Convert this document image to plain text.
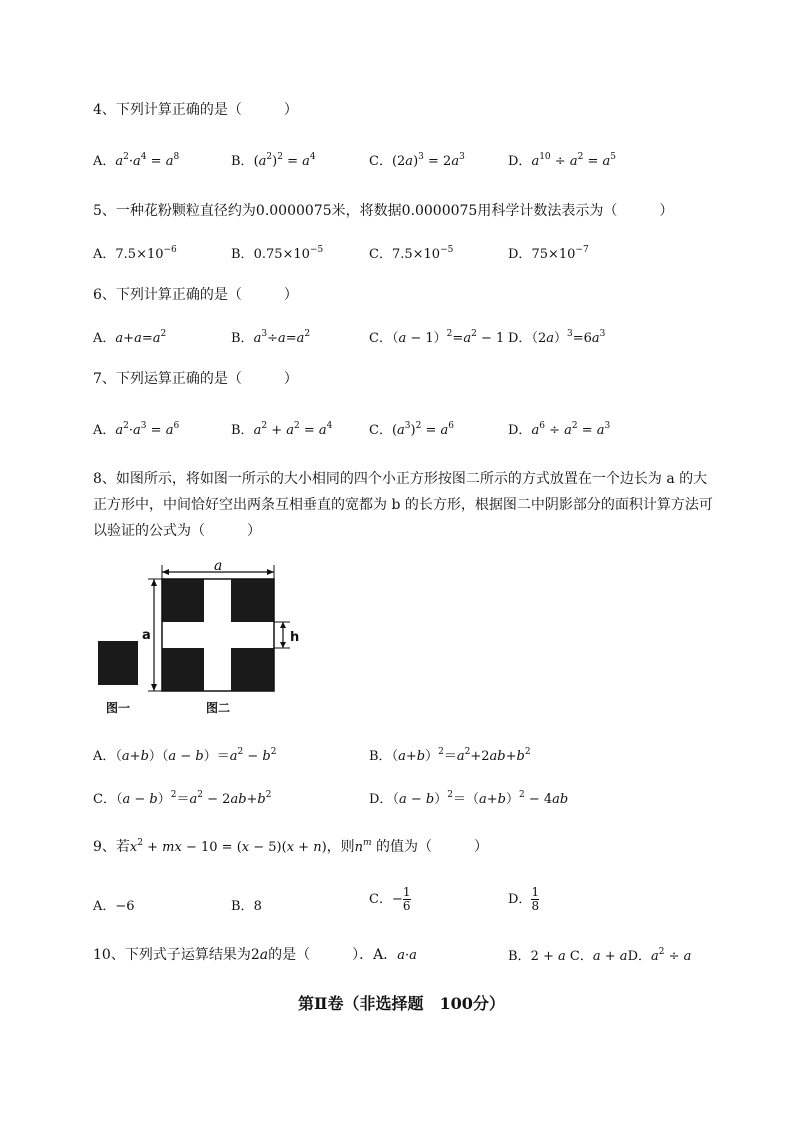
4、下列计算正确的是（　　　）
A．$a^2\cdot a^4 = a^8$	B．$(a^2)^2 = a^4$	C．$(2a)^3 = 2a^3$	D．$a^{10} \div a^2 = a^5$
5、一种花粉颗粒直径约为0.0000075米，将数据0.0000075用科学计数法表示为（　　　）
A．$7.5\times 10^{-6}$	B．$0.75\times 10^{-5}$	C．$7.5\times 10^{-5}$	D．$75\times 10^{-7}$
6、下列计算正确的是（　　　）
A．$a+a=a^2$	B．$a^3\div a=a^2$	C．$(a - 1)^2=a^2 - 1$ D．$(2a)^3=6a^3$
7、下列运算正确的是（　　　）
A．$a^2\cdot a^3 = a^6$	B．$a^2 + a^2 = a^4$	C．$(a^3)^2 = a^6$	D．$a^6 \div a^2 = a^3$
8、如图所示，将如图一所示的大小相同的四个小正方形按图二所示的方式放置在一个边长为 a 的大
正方形中，中间恰好空出两条互相垂直的宽都为 b 的长方形，根据图二中阴影部分的面积计算方法可
以验证的公式为（　　　）
a
a	h
图一	图二
A．$(a+b)(a - b)=a^2 - b^2$	B．$(a+b)^2=a^2+2ab+b^2$
C．$(a - b)^2=a^2 - 2ab+b^2$	D．$(a - b)^2=(a+b)^2 - 4ab$
9、若$x^2$ + mx − 10 = (x − 5)(x + n)，则$n^m$ 的值为（　　　）
A．−6	B．8	C．− $\frac{1}{6}$	D． $\frac{1}{8}$
10、下列式子运算结果为2a的是（　　　）．A．a·a	B．2 + a C．a + aD．$a^2 \div a$
第Ⅱ卷（非选择题　100分）
